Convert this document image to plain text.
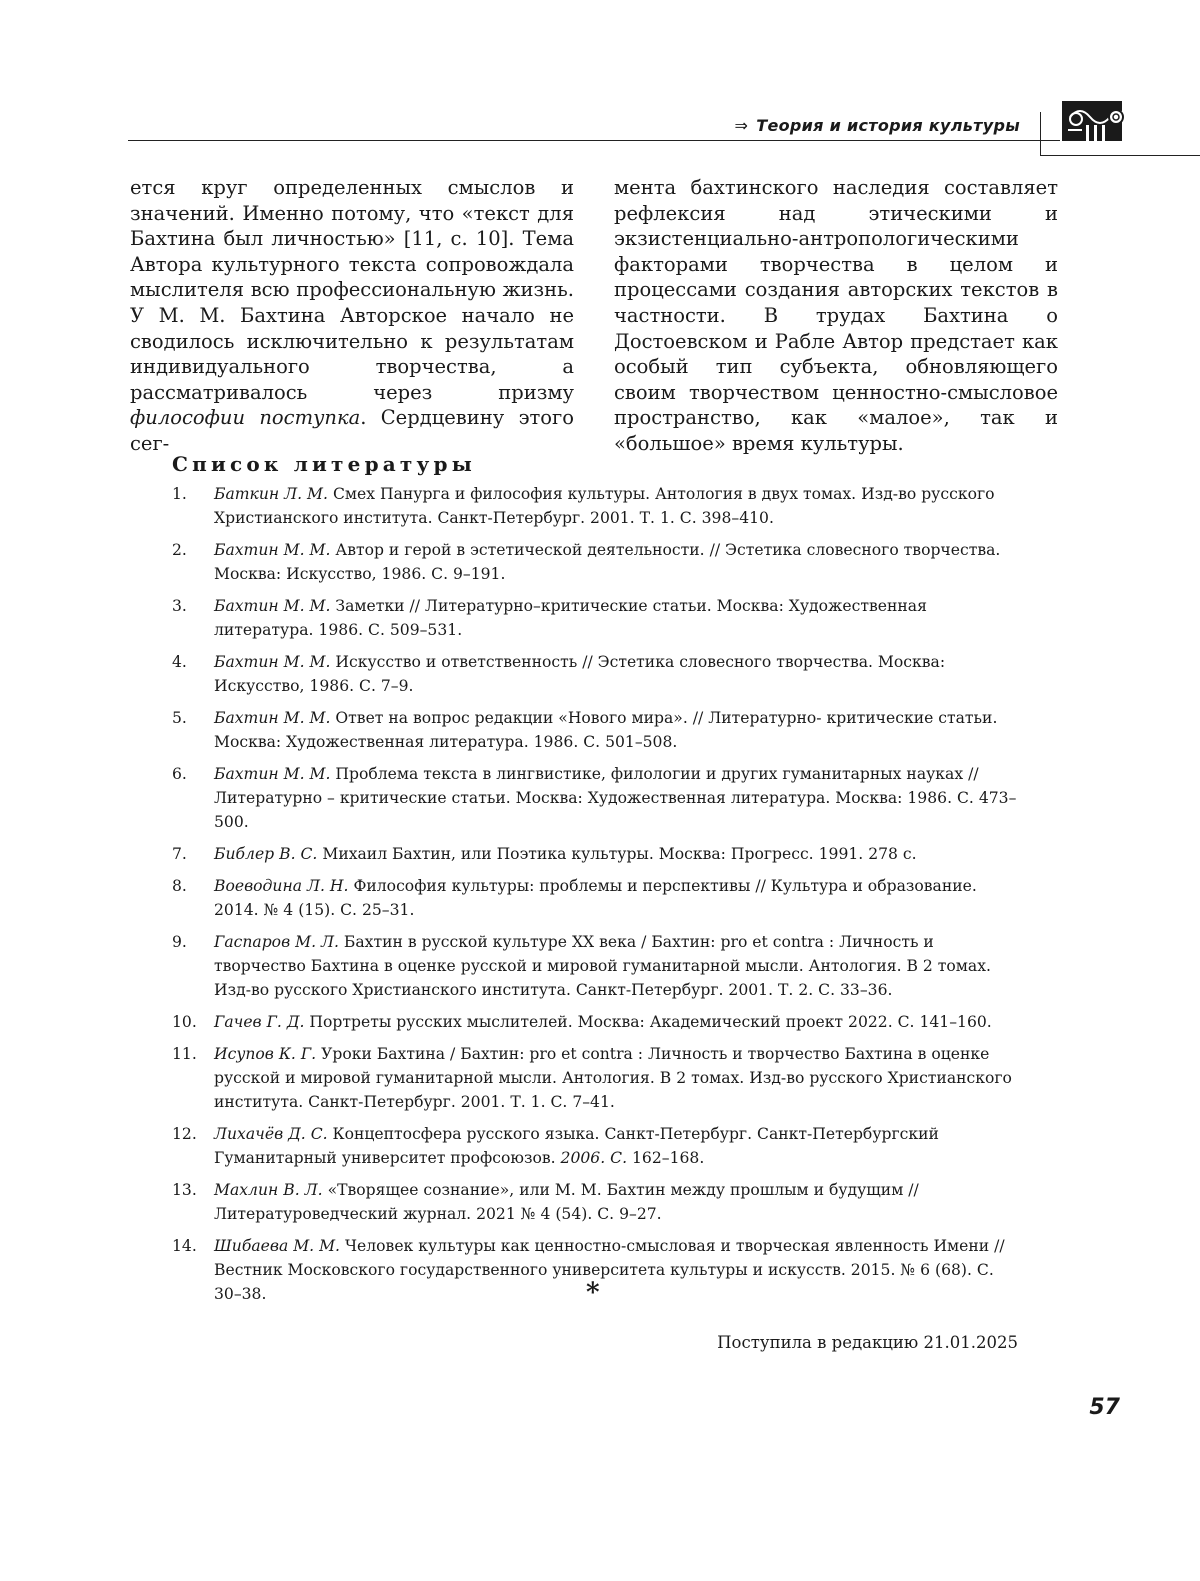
⇒ Теория и история культуры

ется круг определенных смыслов и значений. Именно потому, что «текст для Бахтина был личностью» [11, с. 10]. Тема Автора культурного текста сопровождала мыслителя всю профессиональную жизнь. У М. М. Бахтина Авторское начало не сводилось исключительно к результатам индивидуального творчества, а рассматривалось через призму философии поступка. Сердцевину этого сег-

мента бахтинского наследия составляет рефлексия над этическими и экзистенциально-антропологическими факторами творчества в целом и процессами создания авторских текстов в частности. В трудах Бахтина о Достоевском и Рабле Автор предстает как особый тип субъекта, обновляющего своим творчеством ценностно-смысловое пространство, как «малое», так и «большое» время культуры.

Список литературы
1. Баткин Л. М. Смех Панурга и философия культуры. Антология в двух томах. Изд-во русского Христианского института. Санкт-Петербург. 2001. Т. 1. С. 398–410.
2. Бахтин М. М. Автор и герой в эстетической деятельности. // Эстетика словесного творчества. Москва: Искусство, 1986. С. 9–191.
3. Бахтин М. М. Заметки // Литературно–критические статьи. Москва: Художественная литература. 1986. С. 509–531.
4. Бахтин М. М. Искусство и ответственность // Эстетика словесного творчества. Москва: Искусство, 1986. С. 7–9.
5. Бахтин М. М. Ответ на вопрос редакции «Нового мира». // Литературно- критические статьи. Москва: Художественная литература. 1986. С. 501–508.
6. Бахтин М. М. Проблема текста в лингвистике, филологии и других гуманитарных науках // Литературно – критические статьи. Москва: Художественная литература. Москва: 1986. С. 473–500.
7. Библер В. С. Михаил Бахтин, или Поэтика культуры. Москва: Прогресс. 1991. 278 с.
8. Воеводина Л. Н. Философия культуры: проблемы и перспективы // Культура и образование. 2014. № 4 (15). С. 25–31.
9. Гаспаров М. Л. Бахтин в русской культуре XX века / Бахтин: pro et contra : Личность и творчество Бахтина в оценке русской и мировой гуманитарной мысли. Антология. В 2 томах. Изд-во русского Христианского института. Санкт-Петербург. 2001. Т. 2. С. 33–36.
10. Гачев Г. Д. Портреты русских мыслителей. Москва: Академический проект 2022. С. 141–160.
11. Исупов К. Г. Уроки Бахтина / Бахтин: pro et contra : Личность и творчество Бахтина в оценке русской и мировой гуманитарной мысли. Антология. В 2 томах. Изд-во русского Христианского института. Санкт-Петербург. 2001. Т. 1. С. 7–41.
12. Лихачёв Д. С. Концептосфера русского языка. Санкт-Петербург. Санкт-Петербургский Гуманитарный университет профсоюзов. 2006. С. 162–168.
13. Махлин В. Л. «Творящее сознание», или М. М. Бахтин между прошлым и будущим // Литературоведческий журнал. 2021 № 4 (54). С. 9–27.
14. Шибаева М. М. Человек культуры как ценностно-смысловая и творческая явленность Имени // Вестник Московского государственного университета культуры и искусств. 2015. № 6 (68). С. 30–38.	*
Поступила в редакцию 21.01.2025
57
